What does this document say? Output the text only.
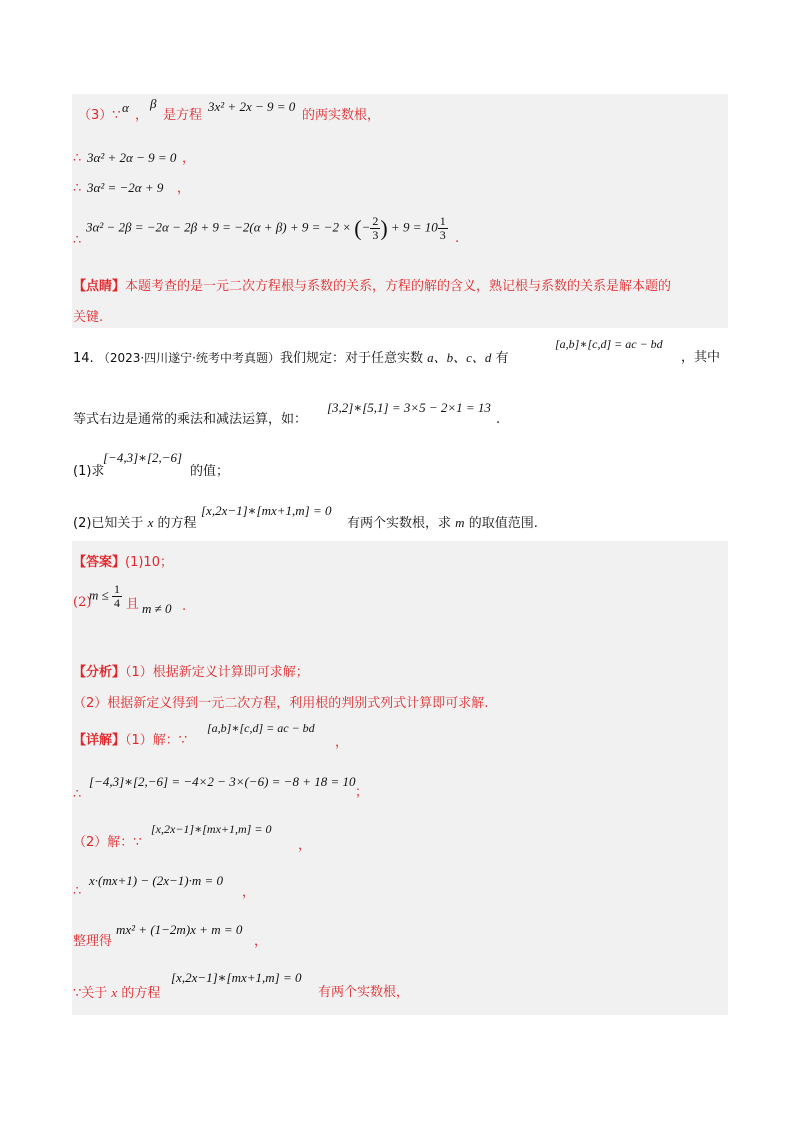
（3）∵
α
，
β
是方程
3x² + 2x − 9 = 0
的两实数根，
∴ 3α² + 2α − 9 = 0 ，
∴ 3α² = −2α + 9 ，
3α² − 2β = −2α − 2β + 9 = −2(α + β) + 9 = −2 × (− $\frac{2}{3}$ ) + $9 = 10 \frac{1}{3}$ .
∴
【点睛】本题考查的是一元二次方程根与系数的关系，方程的解的含义，熟记根与系数的关系是解本题的
关键.
14. （2023·四川遂宁·统考中考真题）我们规定：对于任意实数 a、b、c、d 有
[a,b]∗[c,d] = ac − bd
，其中
等式右边是通常的乘法和减法运算，如：
[3,2]∗[5,1] = 3×5 − 2×1 = 13
.
(1)求
[−4,3]∗[2,−6]
的值；
(2)已知关于 x 的方程
[x,2x−1]∗[mx+1,m] = 0
有两个实数根，求 m 的取值范围.
【答案】(1)10；
(2)
$m \le \frac{1}{4}$ 且 m ≠ 0 .
【分析】（1）根据新定义计算即可求解；
（2）根据新定义得到一元二次方程，利用根的判别式列式计算即可求解.
【详解】（1）解：∵
[a,b]∗[c,d] = ac − bd
，
[−4,3]∗[2,−6] = −4×2 − 3×(−6) = −8 + 18 = 10
∴	；
（2）解：∵
[x,2x−1]∗[mx+1,m] = 0
，
∴
x·(mx+1) − (2x−1)·m = 0
，
整理得
mx² + (1−2m)x + m = 0
，
∵关于 x 的方程
[x,2x−1]∗[mx+1,m] = 0
有两个实数根，
